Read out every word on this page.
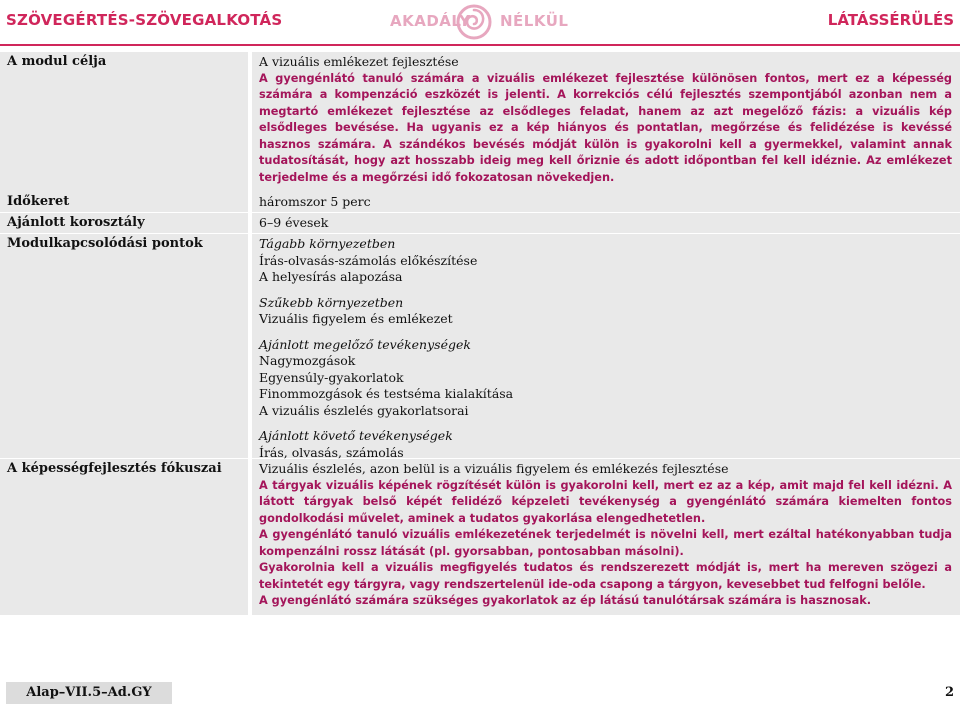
SZÖVEGÉRTÉS-SZÖVEGALKOTÁS	AKADÁLY NÉLKÜL	LÁTÁSSÉRÜLÉS
A modul célja	A vizuális emlékezet fejlesztése

A gyengénlátó tanuló számára a vizuális emlékezet fejlesztése különösen fontos, mert ez a képesség számára a kompenzáció eszközét is jelenti. A korrekciós célú fejlesztés szempontjából azonban nem a megtartó emlékezet fejlesztése az elsődleges feladat, hanem az azt megelőző fázis: a vizuális kép elsődleges bevésése. Ha ugyanis ez a kép hiányos és pontatlan, megőrzése és felidézése is kevéssé hasznos számára. A szándékos bevésés módját külön is gyakorolni kell a gyermekkel, valamint annak tudatosítását, hogy azt hosszabb ideig meg kell őriznie és adott időpontban fel kell idéznie. Az emlékezet terjedelme és a megőrzési idő fokozatosan növekedjen.

Időkeret	háromszor 5 perc

Ajánlott korosztály	6–9 évesek

Modulkapcsolódási pontok	Tágabb környezetben

Írás-olvasás-számolás előkészítése

A helyesírás alapozása

Szűkebb környezetben

Vizuális figyelem és emlékezet

Ajánlott megelőző tevékenységek

Nagymozgások

Egyensúly-gyakorlatok

Finommozgások és testséma kialakítása

A vizuális észlelés gyakorlatsorai

Ajánlott követő tevékenységek

Írás, olvasás, számolás

A képességfejlesztés fókuszai	Vizuális észlelés, azon belül is a vizuális figyelem és emlékezés fejlesztése

A tárgyak vizuális képének rögzítését külön is gyakorolni kell, mert ez az a kép, amit majd fel kell idézni. A látott tárgyak belső képét felidéző képzeleti tevékenység a gyengénlátó számára kiemelten fontos gondolkodási művelet, aminek a tudatos gyakorlása elengedhetetlen.

A gyengénlátó tanuló vizuális emlékezetének terjedelmét is növelni kell, mert ezáltal hatékonyabban tudja kompenzálni rossz látását (pl. gyorsabban, pontosabban másolni).

Gyakorolnia kell a vizuális megfigyelés tudatos és rendszerezett módját is, mert ha mereven szögezi a tekintetét egy tárgyra, vagy rendszertelenül ide-oda csapong a tárgyon, kevesebbet tud felfogni belőle.

A gyengénlátó számára szükséges gyakorlatok az ép látású tanulótársak számára is hasznosak.

Alap–VII.5–Ad.GY	2
